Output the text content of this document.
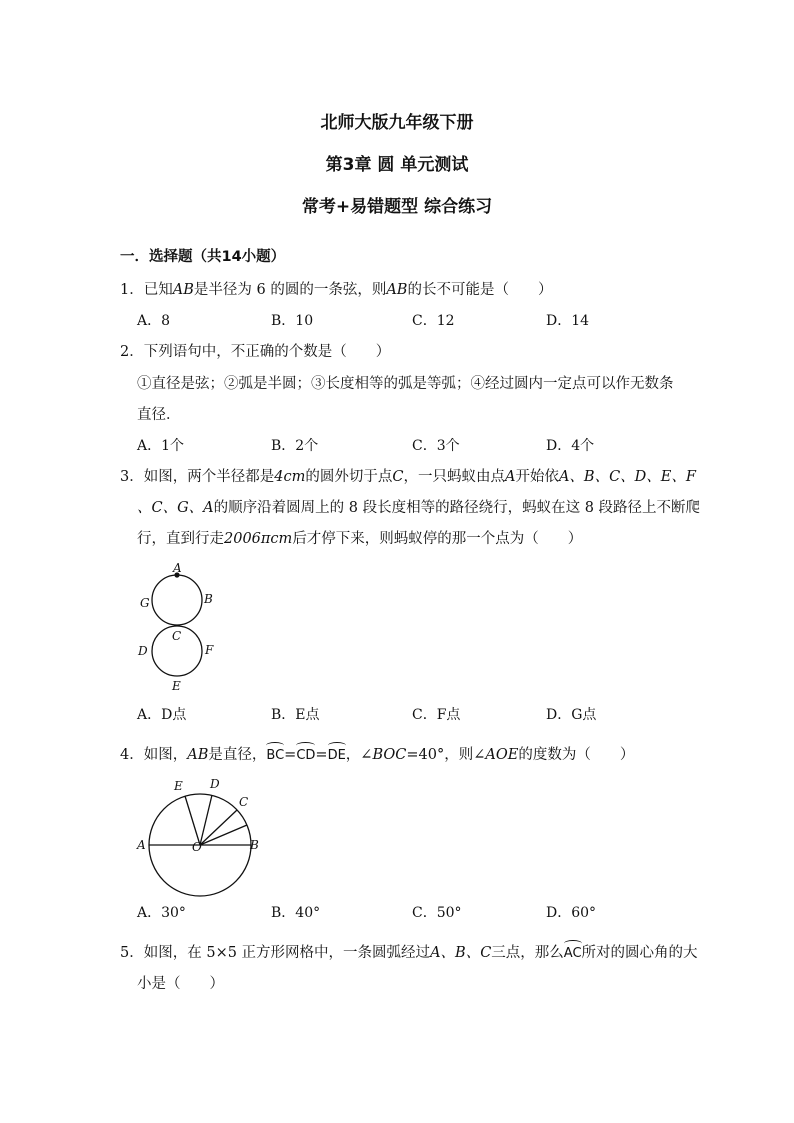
北师大版九年级下册
第3章 圆 单元测试
常考+易错题型 综合练习
一．选择题（共14小题）
1．已知AB是半径为 6 的圆的一条弦，则AB的长不可能是（　　）
A．8	B．10	C．12	D．14
2．下列语句中，不正确的个数是（　　）
①直径是弦；②弧是半圆；③长度相等的弧是等弧；④经过圆内一定点可以作无数条
直径．
A．1个	B．2个	C．3个	D．4个
3．如图，两个半径都是4cm的圆外切于点C，一只蚂蚁由点A开始依A、B、C、D、E、F
、C、G、A的顺序沿着圆周上的 8 段长度相等的路径绕行，蚂蚁在这 8 段路径上不断爬
行，直到行走2006πcm后才停下来，则蚂蚁停的那一个点为（　　）
A
B
G
C
D	F
E
A．D点	B．E点	C．F点	D．G点
4．如图，AB是直径，BC=CD=DE，∠BOC=40°，则∠AOE的度数为（　　）
E D
C
A	O	B
A．30°	B．40°	C．50°	D．60°
5．如图，在 5×5 正方形网格中，一条圆弧经过A、B、C三点，那么AC所对的圆心角的大
小是（　　）
